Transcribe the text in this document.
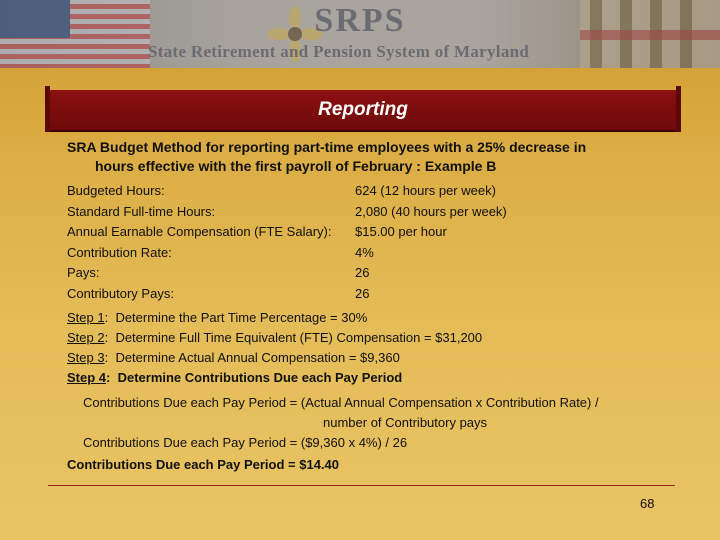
SRPS
State Retirement and Pension System of Maryland
Reporting
SRA Budget Method for reporting part-time employees with a 25% decrease in
hours effective with the first payroll of February : Example B
Budgeted Hours:	624 (12 hours per week)
Standard Full-time Hours:	2,080 (40 hours per week)
Annual Earnable Compensation (FTE Salary):	$15.00 per hour
Contribution Rate:	4%
Pays:	26
Contributory Pays:	26
Step 1:  Determine the Part Time Percentage = 30%
Step 2:  Determine Full Time Equivalent (FTE) Compensation = $31,200
Step 3:  Determine Actual Annual Compensation = $9,360
Step 4:  Determine Contributions Due each Pay Period
Contributions Due each Pay Period = (Actual Annual Compensation x Contribution Rate) /
number of Contributory pays
Contributions Due each Pay Period = ($9,360 x 4%) / 26
Contributions Due each Pay Period = $14.40
68
